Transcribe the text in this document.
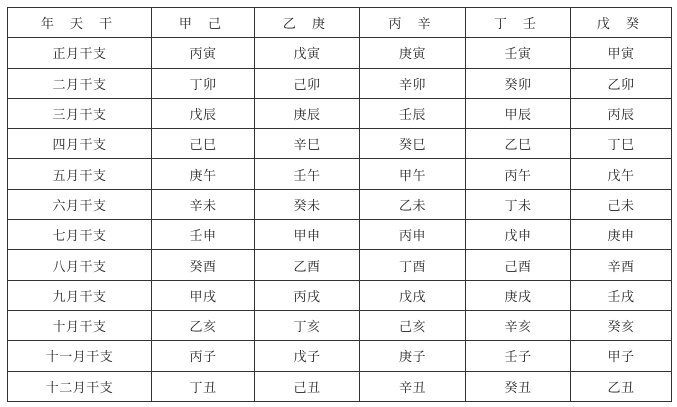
年 天 干	甲 己	乙 庚	丙 辛	丁 壬	戊 癸
正月干支	丙寅	戊寅	庚寅	壬寅	甲寅
二月干支	丁卯	己卯	辛卯	癸卯	乙卯
三月干支	戊辰	庚辰	壬辰	甲辰	丙辰
四月干支	己巳	辛巳	癸巳	乙巳	丁巳
五月干支	庚午	壬午	甲午	丙午	戊午
六月干支	辛未	癸未	乙未	丁未	己未
七月干支	壬申	甲申	丙申	戊申	庚申
八月干支	癸酉	乙酉	丁酉	己酉	辛酉
九月干支	甲戌	丙戌	戊戌	庚戌	壬戌
十月干支	乙亥	丁亥	己亥	辛亥	癸亥
十一月干支	丙子	戊子	庚子	壬子	甲子
十二月干支	丁丑	己丑	辛丑	癸丑	乙丑
